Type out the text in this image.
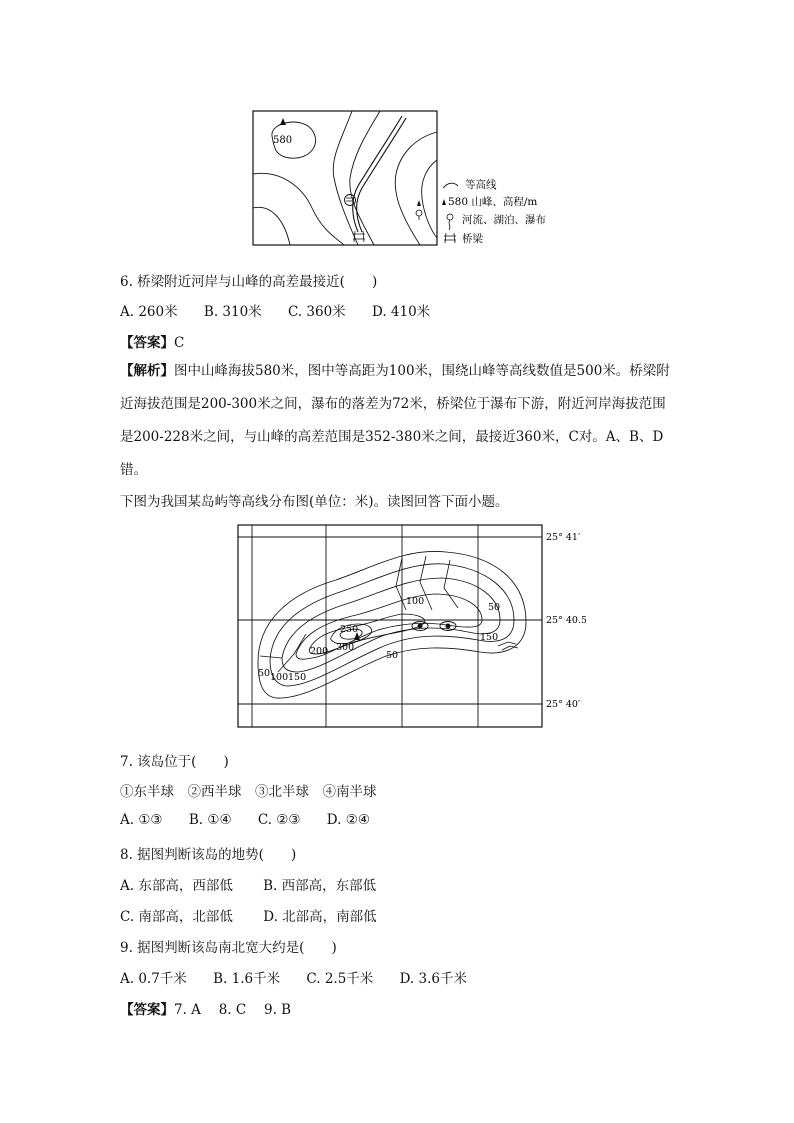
580
等高线
580 山峰、高程/m
河流、湖泊、瀑布
桥梁
6. 桥梁附近河岸与山峰的高差最接近(　　)
A. 260米 B. 310米 C. 360米 D. 410米
【答案】C
【解析】图中山峰海拔580米，图中等高距为100米，围绕山峰等高线数值是500米。桥梁附近海拔范围是200-300米之间，瀑布的落差为72米，桥梁位于瀑布下游，附近河岸海拔范围是200-228米之间，与山峰的高差范围是352-380米之间，最接近360米，C对。A、B、D错。
下图为我国某岛屿等高线分布图(单位：米)。读图回答下面小题。
100
50
150
250
300
200	50
100 150
50
25° 41′
25° 40.5′
25° 40′
7. 该岛位于(　　)
①东半球　②西半球　③北半球　④南半球
A. ①③ B. ①④ C. ②③ D. ②④
8. 据图判断该岛的地势(　　)
A. 东部高，西部低 B. 西部高，东部低
C. 南部高，北部低 D. 北部高，南部低
9. 据图判断该岛南北宽大约是(　　)
A. 0.7千米 B. 1.6千米 C. 2.5千米 D. 3.6千米
【答案】7. A　 8. C　 9. B
